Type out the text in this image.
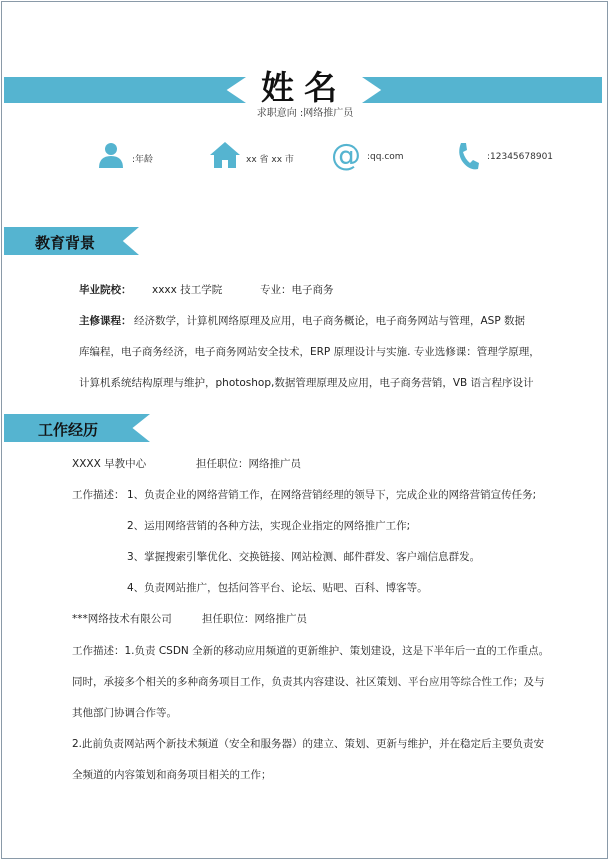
姓名
求职意向 :网络推广员
:年龄	xx 省 xx 市 @ :qq.com	:12345678901
教育背景
毕业院校： xxxx 技工学院	专业：电子商务
主修课程： 经济数学，计算机网络原理及应用，电子商务概论，电子商务网站与管理，ASP 数据
库编程，电子商务经济，电子商务网站安全技术，ERP 原理设计与实施. 专业选修课：管理学原理，
计算机系统结构原理与维护，photoshop,数据管理原理及应用，电子商务营销，VB 语言程序设计
工作经历
XXXX 早教中心	担任职位：网络推广员
工作描述： 1、负责企业的网络营销工作，在网络营销经理的领导下，完成企业的网络营销宣传任务;
2、运用网络营销的各种方法，实现企业指定的网络推广工作;
3、掌握搜索引擎优化、交换链接、网站检测、邮件群发、客户端信息群发。
4、负责网站推广，包括问答平台、论坛、贴吧、百科、博客等。
***网络技术有限公司	担任职位：网络推广员
工作描述：1.负责 CSDN 全新的移动应用频道的更新维护、策划建设，这是下半年后一直的工作重点。
同时，承接多个相关的多种商务项目工作，负责其内容建设、社区策划、平台应用等综合性工作；及与
其他部门协调合作等。
2.此前负责网站两个新技术频道（安全和服务器）的建立、策划、更新与维护，并在稳定后主要负责安
全频道的内容策划和商务项目相关的工作；
